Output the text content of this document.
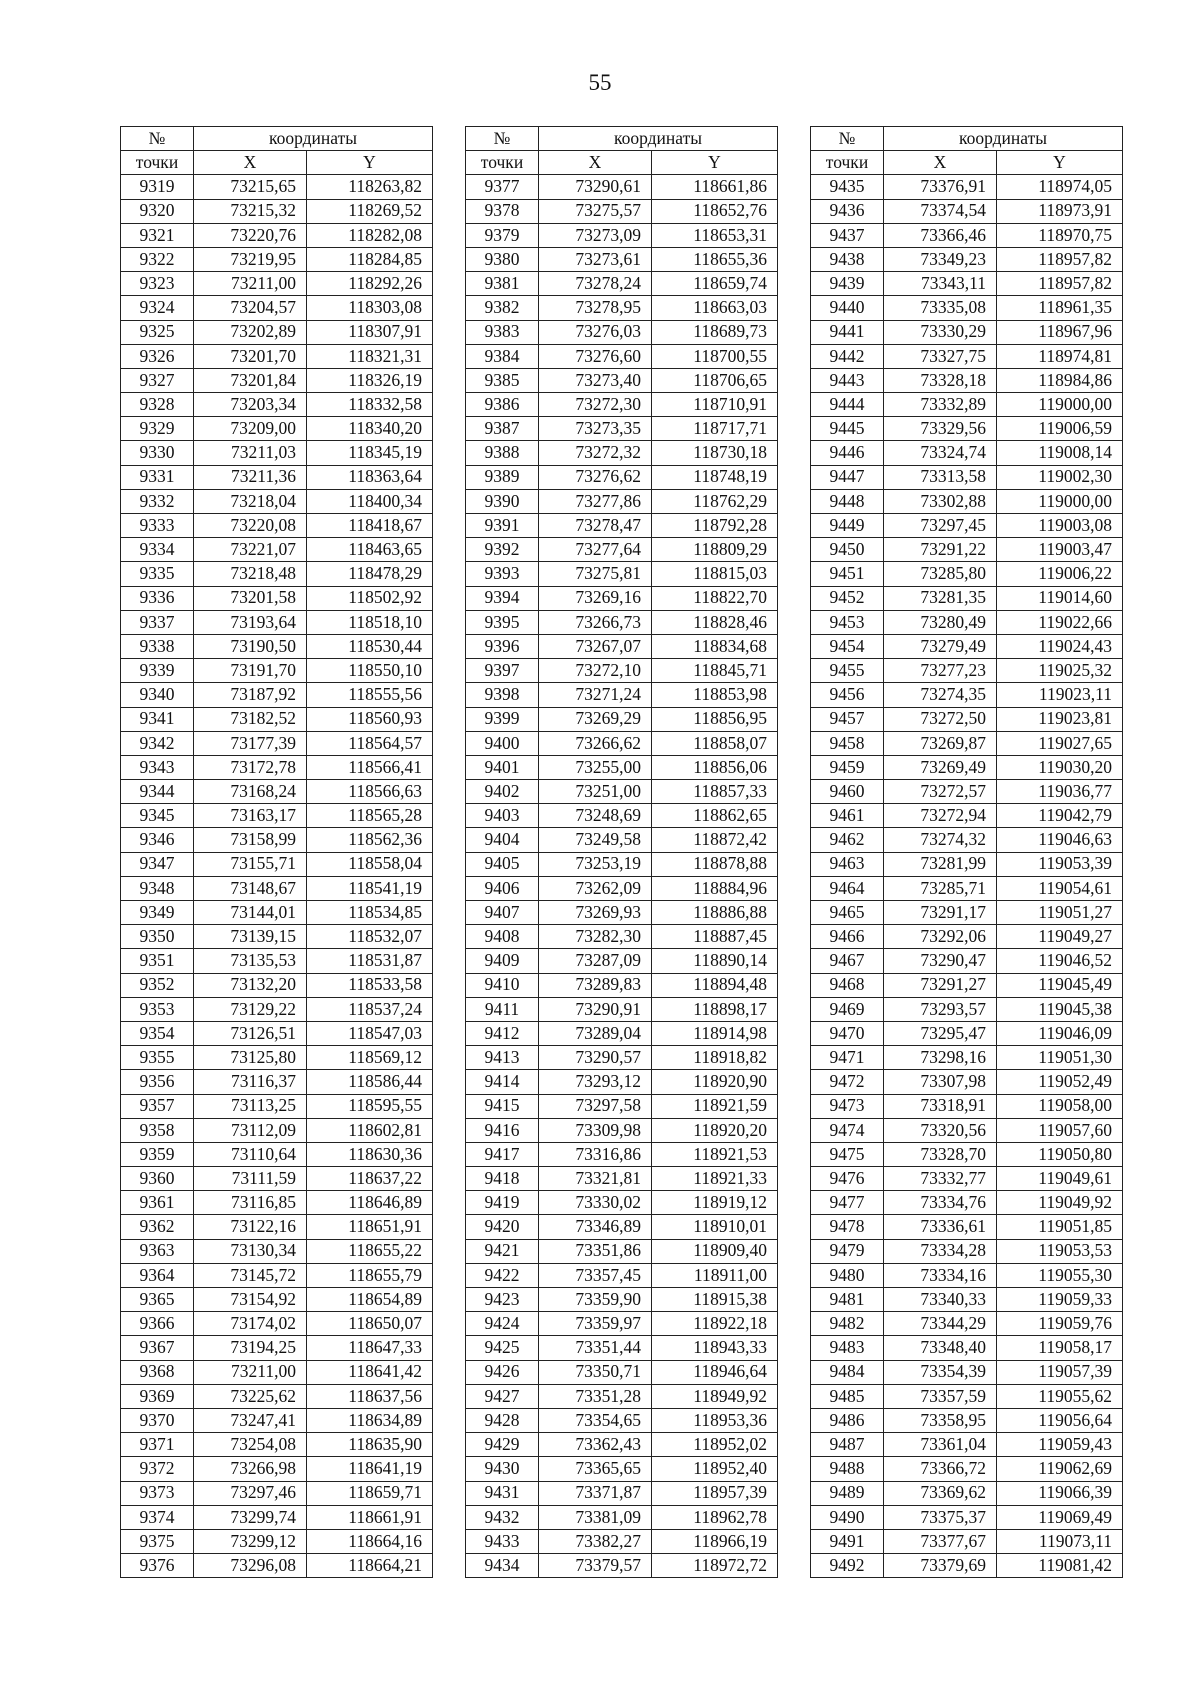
55
№	координаты	
точки	X	Y
9319	73215,65	118263,82
9320	73215,32	118269,52
9321	73220,76	118282,08
9322	73219,95	118284,85
9323	73211,00	118292,26
9324	73204,57	118303,08
9325	73202,89	118307,91
9326	73201,70	118321,31
9327	73201,84	118326,19
9328	73203,34	118332,58
9329	73209,00	118340,20
9330	73211,03	118345,19
9331	73211,36	118363,64
9332	73218,04	118400,34
9333	73220,08	118418,67
9334	73221,07	118463,65
9335	73218,48	118478,29
9336	73201,58	118502,92
9337	73193,64	118518,10
9338	73190,50	118530,44
9339	73191,70	118550,10
9340	73187,92	118555,56
9341	73182,52	118560,93
9342	73177,39	118564,57
9343	73172,78	118566,41
9344	73168,24	118566,63
9345	73163,17	118565,28
9346	73158,99	118562,36
9347	73155,71	118558,04
9348	73148,67	118541,19
9349	73144,01	118534,85
9350	73139,15	118532,07
9351	73135,53	118531,87
9352	73132,20	118533,58
9353	73129,22	118537,24
9354	73126,51	118547,03
9355	73125,80	118569,12
9356	73116,37	118586,44
9357	73113,25	118595,55
9358	73112,09	118602,81
9359	73110,64	118630,36
9360	73111,59	118637,22
9361	73116,85	118646,89
9362	73122,16	118651,91
9363	73130,34	118655,22
9364	73145,72	118655,79
9365	73154,92	118654,89
9366	73174,02	118650,07
9367	73194,25	118647,33
9368	73211,00	118641,42
9369	73225,62	118637,56
9370	73247,41	118634,89
9371	73254,08	118635,90
9372	73266,98	118641,19
9373	73297,46	118659,71
9374	73299,74	118661,91
9375	73299,12	118664,16
9376	73296,08	118664,21
№	координаты	
точки	X	Y
9377	73290,61	118661,86
9378	73275,57	118652,76
9379	73273,09	118653,31
9380	73273,61	118655,36
9381	73278,24	118659,74
9382	73278,95	118663,03
9383	73276,03	118689,73
9384	73276,60	118700,55
9385	73273,40	118706,65
9386	73272,30	118710,91
9387	73273,35	118717,71
9388	73272,32	118730,18
9389	73276,62	118748,19
9390	73277,86	118762,29
9391	73278,47	118792,28
9392	73277,64	118809,29
9393	73275,81	118815,03
9394	73269,16	118822,70
9395	73266,73	118828,46
9396	73267,07	118834,68
9397	73272,10	118845,71
9398	73271,24	118853,98
9399	73269,29	118856,95
9400	73266,62	118858,07
9401	73255,00	118856,06
9402	73251,00	118857,33
9403	73248,69	118862,65
9404	73249,58	118872,42
9405	73253,19	118878,88
9406	73262,09	118884,96
9407	73269,93	118886,88
9408	73282,30	118887,45
9409	73287,09	118890,14
9410	73289,83	118894,48
9411	73290,91	118898,17
9412	73289,04	118914,98
9413	73290,57	118918,82
9414	73293,12	118920,90
9415	73297,58	118921,59
9416	73309,98	118920,20
9417	73316,86	118921,53
9418	73321,81	118921,33
9419	73330,02	118919,12
9420	73346,89	118910,01
9421	73351,86	118909,40
9422	73357,45	118911,00
9423	73359,90	118915,38
9424	73359,97	118922,18
9425	73351,44	118943,33
9426	73350,71	118946,64
9427	73351,28	118949,92
9428	73354,65	118953,36
9429	73362,43	118952,02
9430	73365,65	118952,40
9431	73371,87	118957,39
9432	73381,09	118962,78
9433	73382,27	118966,19
9434	73379,57	118972,72
№	координаты	
точки	X	Y
9435	73376,91	118974,05
9436	73374,54	118973,91
9437	73366,46	118970,75
9438	73349,23	118957,82
9439	73343,11	118957,82
9440	73335,08	118961,35
9441	73330,29	118967,96
9442	73327,75	118974,81
9443	73328,18	118984,86
9444	73332,89	119000,00
9445	73329,56	119006,59
9446	73324,74	119008,14
9447	73313,58	119002,30
9448	73302,88	119000,00
9449	73297,45	119003,08
9450	73291,22	119003,47
9451	73285,80	119006,22
9452	73281,35	119014,60
9453	73280,49	119022,66
9454	73279,49	119024,43
9455	73277,23	119025,32
9456	73274,35	119023,11
9457	73272,50	119023,81
9458	73269,87	119027,65
9459	73269,49	119030,20
9460	73272,57	119036,77
9461	73272,94	119042,79
9462	73274,32	119046,63
9463	73281,99	119053,39
9464	73285,71	119054,61
9465	73291,17	119051,27
9466	73292,06	119049,27
9467	73290,47	119046,52
9468	73291,27	119045,49
9469	73293,57	119045,38
9470	73295,47	119046,09
9471	73298,16	119051,30
9472	73307,98	119052,49
9473	73318,91	119058,00
9474	73320,56	119057,60
9475	73328,70	119050,80
9476	73332,77	119049,61
9477	73334,76	119049,92
9478	73336,61	119051,85
9479	73334,28	119053,53
9480	73334,16	119055,30
9481	73340,33	119059,33
9482	73344,29	119059,76
9483	73348,40	119058,17
9484	73354,39	119057,39
9485	73357,59	119055,62
9486	73358,95	119056,64
9487	73361,04	119059,43
9488	73366,72	119062,69
9489	73369,62	119066,39
9490	73375,37	119069,49
9491	73377,67	119073,11
9492	73379,69	119081,42
